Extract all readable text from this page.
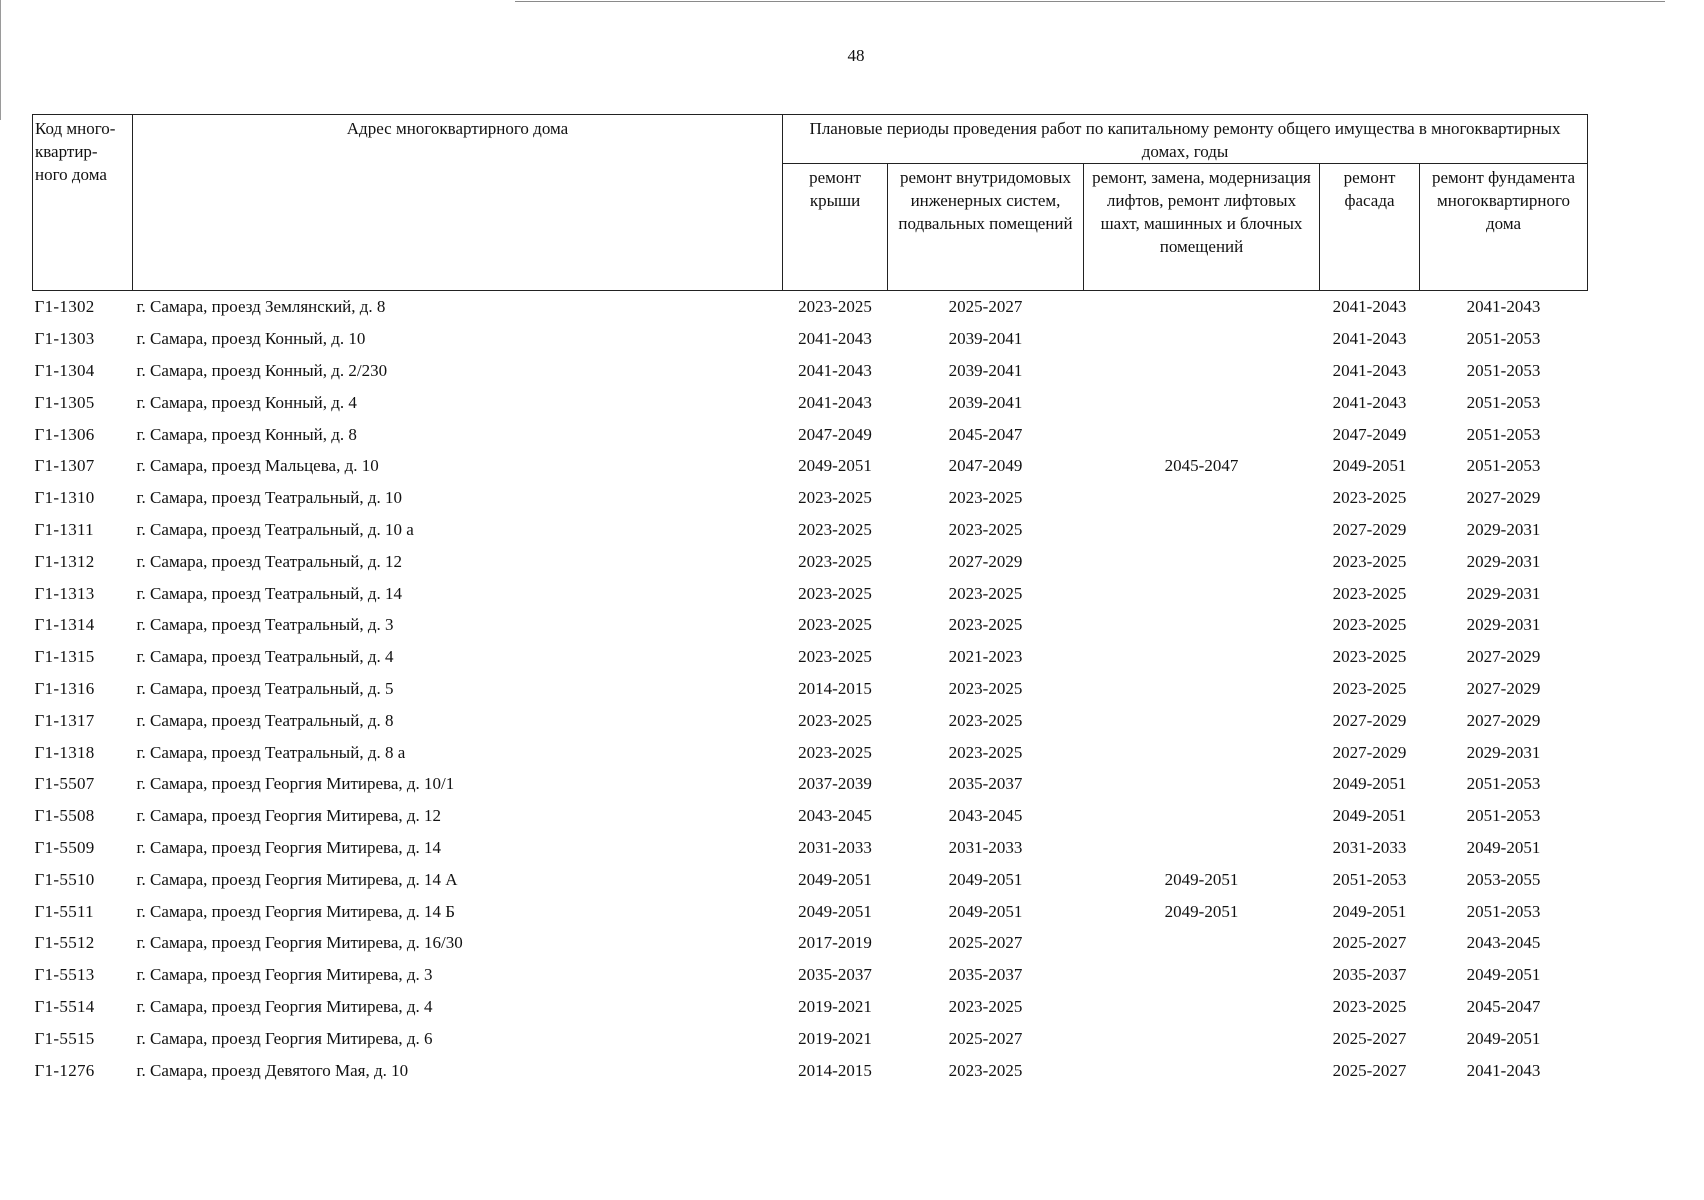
48
Код много-квартир-ного дома	Адрес многоквартирного дома	Плановые периоды проведения работ по капитальному ремонту общего имущества в многоквартирных домах, годы				
		ремонт крыши	ремонт внутридомовых инженерных систем, подвальных помещений	ремонт, замена, модернизация лифтов, ремонт лифтовых шахт, машинных и блочных помещений	ремонт фасада	ремонт фундамента многоквартирного дома
Г1-1302	г. Самара, проезд Землянский, д. 8	2023-2025	2025-2027		2041-2043	2041-2043
Г1-1303	г. Самара, проезд Конный, д. 10	2041-2043	2039-2041		2041-2043	2051-2053
Г1-1304	г. Самара, проезд Конный, д. 2/230	2041-2043	2039-2041		2041-2043	2051-2053
Г1-1305	г. Самара, проезд Конный, д. 4	2041-2043	2039-2041		2041-2043	2051-2053
Г1-1306	г. Самара, проезд Конный, д. 8	2047-2049	2045-2047		2047-2049	2051-2053
Г1-1307	г. Самара, проезд Мальцева, д. 10	2049-2051	2047-2049	2045-2047	2049-2051	2051-2053
Г1-1310	г. Самара, проезд Театральный, д. 10	2023-2025	2023-2025		2023-2025	2027-2029
Г1-1311	г. Самара, проезд Театральный, д. 10 а	2023-2025	2023-2025		2027-2029	2029-2031
Г1-1312	г. Самара, проезд Театральный, д. 12	2023-2025	2027-2029		2023-2025	2029-2031
Г1-1313	г. Самара, проезд Театральный, д. 14	2023-2025	2023-2025		2023-2025	2029-2031
Г1-1314	г. Самара, проезд Театральный, д. 3	2023-2025	2023-2025		2023-2025	2029-2031
Г1-1315	г. Самара, проезд Театральный, д. 4	2023-2025	2021-2023		2023-2025	2027-2029
Г1-1316	г. Самара, проезд Театральный, д. 5	2014-2015	2023-2025		2023-2025	2027-2029
Г1-1317	г. Самара, проезд Театральный, д. 8	2023-2025	2023-2025		2027-2029	2027-2029
Г1-1318	г. Самара, проезд Театральный, д. 8 а	2023-2025	2023-2025		2027-2029	2029-2031
Г1-5507	г. Самара, проезд Георгия Митирева, д. 10/1	2037-2039	2035-2037		2049-2051	2051-2053
Г1-5508	г. Самара, проезд Георгия Митирева, д. 12	2043-2045	2043-2045		2049-2051	2051-2053
Г1-5509	г. Самара, проезд Георгия Митирева, д. 14	2031-2033	2031-2033		2031-2033	2049-2051
Г1-5510	г. Самара, проезд Георгия Митирева, д. 14 А	2049-2051	2049-2051	2049-2051	2051-2053	2053-2055
Г1-5511	г. Самара, проезд Георгия Митирева, д. 14 Б	2049-2051	2049-2051	2049-2051	2049-2051	2051-2053
Г1-5512	г. Самара, проезд Георгия Митирева, д. 16/30	2017-2019	2025-2027		2025-2027	2043-2045
Г1-5513	г. Самара, проезд Георгия Митирева, д. 3	2035-2037	2035-2037		2035-2037	2049-2051
Г1-5514	г. Самара, проезд Георгия Митирева, д. 4	2019-2021	2023-2025		2023-2025	2045-2047
Г1-5515	г. Самара, проезд Георгия Митирева, д. 6	2019-2021	2025-2027		2025-2027	2049-2051
Г1-1276	г. Самара, проезд Девятого Мая, д. 10	2014-2015	2023-2025		2025-2027	2041-2043
